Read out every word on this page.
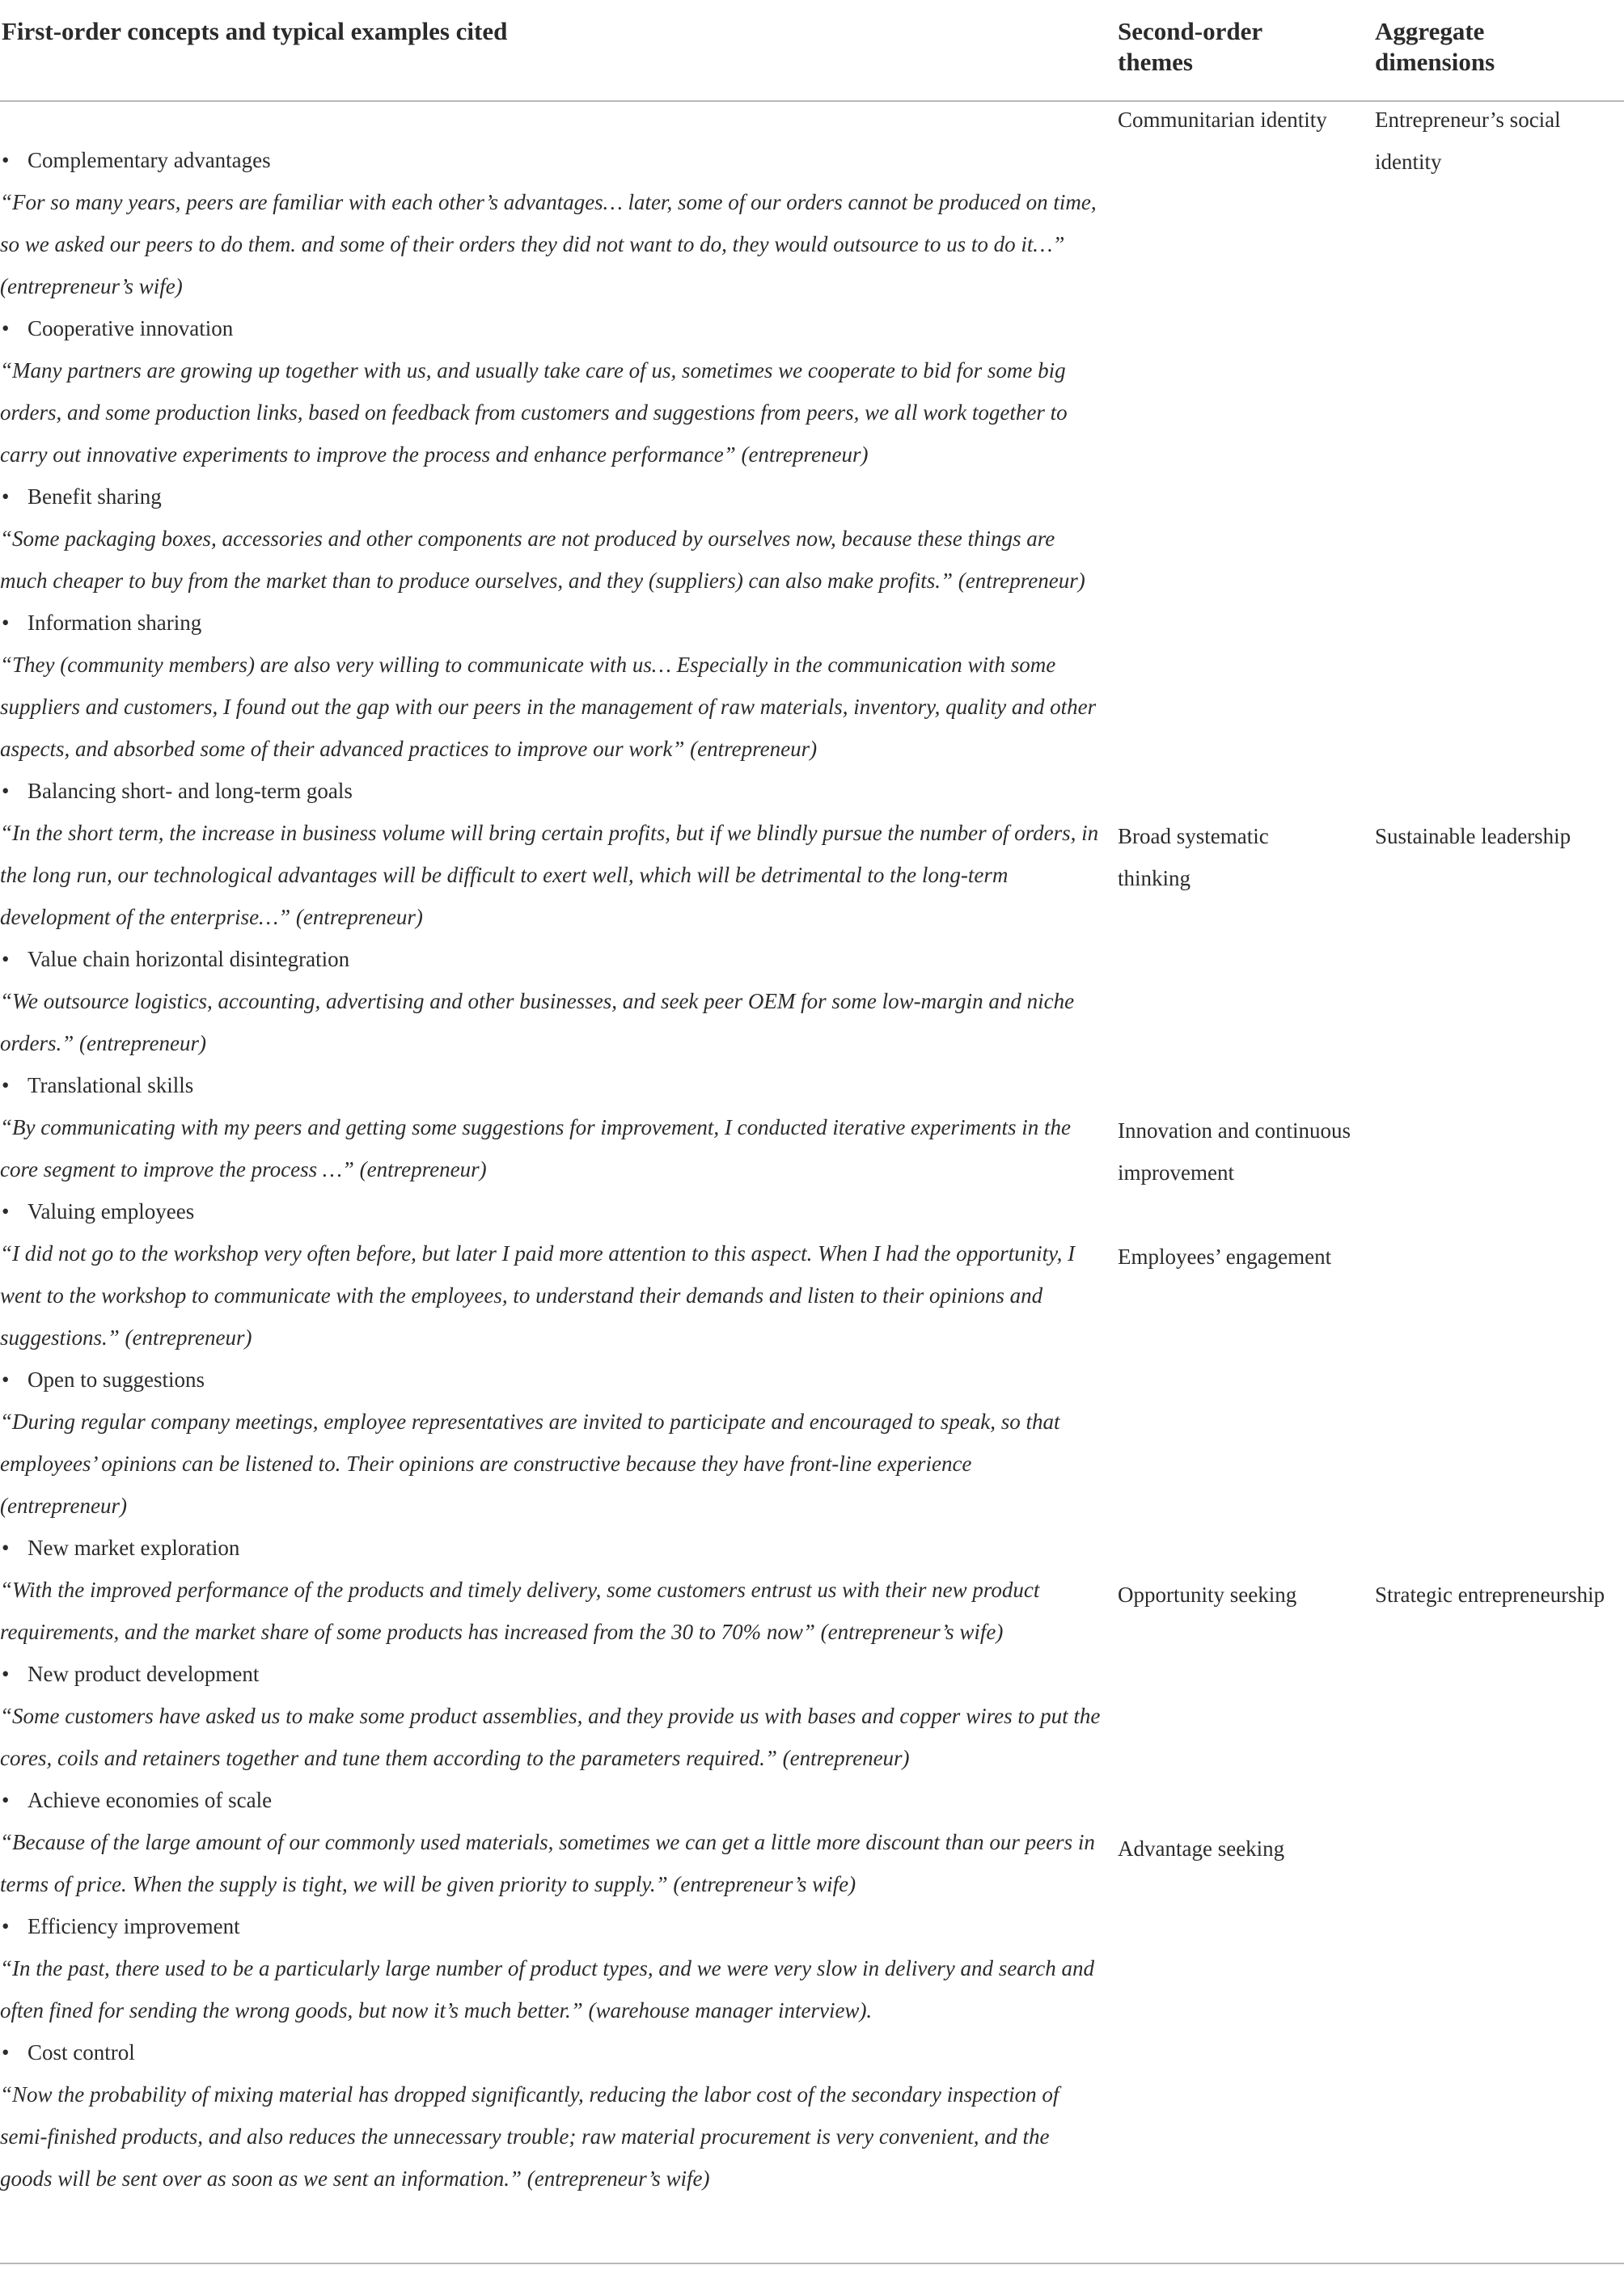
First-order concepts and typical examples cited	Second-order themes
Aggregate dimensions
• Complementary advantages
“For so many years, peers are familiar with each other’s advantages… later, some of our orders cannot be produced on time, so we asked our peers to do them. and some of their orders they did not want to do, they would outsource to us to do it…” (entrepreneur’s wife)
• Cooperative innovation
“Many partners are growing up together with us, and usually take care of us, sometimes we cooperate to bid for some big orders, and some production links, based on feedback from customers and suggestions from peers, we all work together to carry out innovative experiments to improve the process and enhance performance” (entrepreneur)
• Benefit sharing
“Some packaging boxes, accessories and other components are not produced by ourselves now, because these things are much cheaper to buy from the market than to produce ourselves, and they (suppliers) can also make profits.” (entrepreneur)
• Information sharing
“They (community members) are also very willing to communicate with us… Especially in the communication with some suppliers and customers, I found out the gap with our peers in the management of raw materials, inventory, quality and other aspects, and absorbed some of their advanced practices to improve our work” (entrepreneur)
• Balancing short- and long-term goals
“In the short term, the increase in business volume will bring certain profits, but if we blindly pursue the number of orders, in the long run, our technological advantages will be difficult to exert well, which will be detrimental to the long-term development of the enterprise…” (entrepreneur)
• Value chain horizontal disintegration
“We outsource logistics, accounting, advertising and other businesses, and seek peer OEM for some low-margin and niche orders.” (entrepreneur)
• Translational skills
“By communicating with my peers and getting some suggestions for improvement, I conducted iterative experiments in the core segment to improve the process …” (entrepreneur)
• Valuing employees
“I did not go to the workshop very often before, but later I paid more attention to this aspect. When I had the opportunity, I went to the workshop to communicate with the employees, to understand their demands and listen to their opinions and suggestions.” (entrepreneur)
• Open to suggestions
“During regular company meetings, employee representatives are invited to participate and encouraged to speak, so that employees’ opinions can be listened to. Their opinions are constructive because they have front-line experience (entrepreneur)
• New market exploration
“With the improved performance of the products and timely delivery, some customers entrust us with their new product requirements, and the market share of some products has increased from the 30 to 70% now” (entrepreneur’s wife)
• New product development
“Some customers have asked us to make some product assemblies, and they provide us with bases and copper wires to put the cores, coils and retainers together and tune them according to the parameters required.” (entrepreneur)
• Achieve economies of scale
“Because of the large amount of our commonly used materials, sometimes we can get a little more discount than our peers in terms of price. When the supply is tight, we will be given priority to supply.” (entrepreneur’s wife)
• Efficiency improvement
“In the past, there used to be a particularly large number of product types, and we were very slow in delivery and search and often fined for sending the wrong goods, but now it’s much better.” (warehouse manager interview).
• Cost control
“Now the probability of mixing material has dropped significantly, reducing the labor cost of the secondary inspection of semi-finished products, and also reduces the unnecessary trouble; raw material procurement is very convenient, and the goods will be sent over as soon as we sent an information.” (entrepreneur’s wife)
Communitarian identity
Broad systematic thinking
Innovation and continuous improvement
Employees’ engagement
Opportunity seeking
Advantage seeking
Entrepreneur’s social identity
Sustainable leadership
Strategic entrepreneurship
